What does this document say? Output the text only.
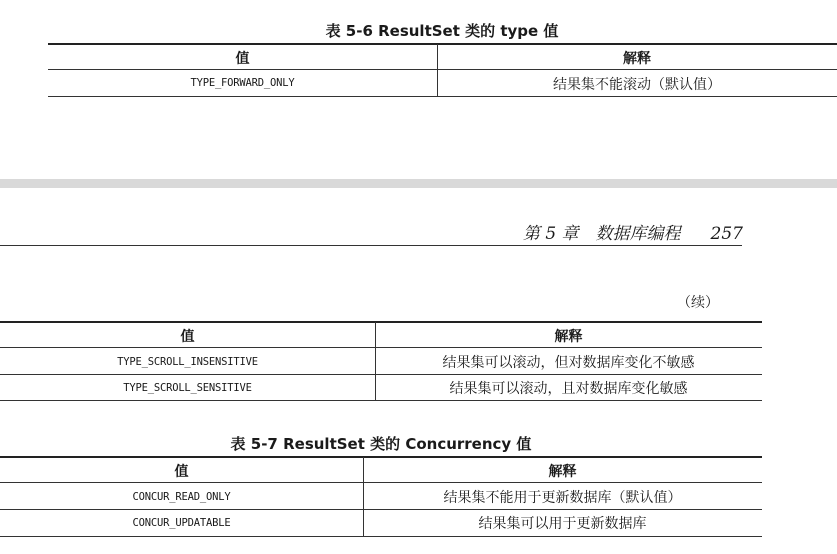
表 5-6 ResultSet 类的 type 值
值	解释
TYPE_FORWARD_ONLY	结果集不能滚动（默认值）
第 5 章　数据库编程 257
（续）
值	解释
TYPE_SCROLL_INSENSITIVE	结果集可以滚动，但对数据库变化不敏感
TYPE_SCROLL_SENSITIVE	结果集可以滚动，且对数据库变化敏感
表 5-7 ResultSet 类的 Concurrency 值
值	解释
CONCUR_READ_ONLY	结果集不能用于更新数据库（默认值）
CONCUR_UPDATABLE	结果集可以用于更新数据库
